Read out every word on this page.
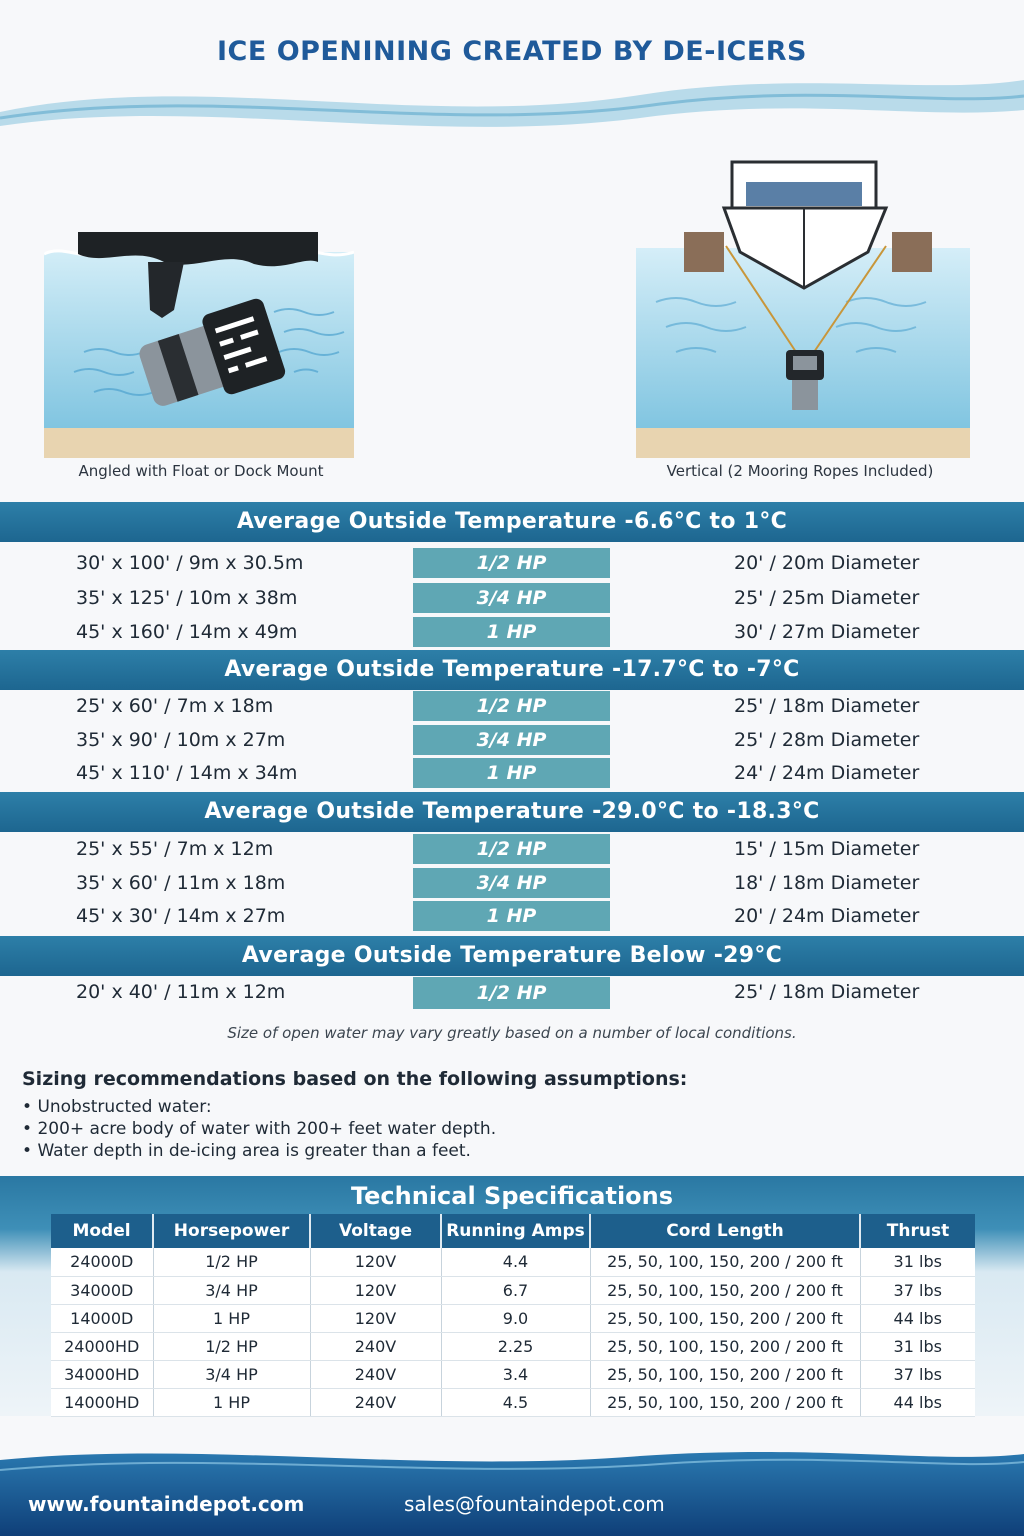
ICE OPENINING CREATED BY DE-ICERS
Angled with Float or Dock Mount	Vertical (2 Mooring Ropes Included)
Average Outside Temperature -6.6°C to 1°C
30' x 100' / 9m x 30.5m	1/2 HP	20' / 20m Diameter
35' x 125' / 10m x 38m	3/4 HP	25' / 25m Diameter
45' x 160' / 14m x 49m	1 HP	30' / 27m Diameter
Average Outside Temperature -17.7°C to -7°C
25' x 60' / 7m x 18m	1/2 HP	25' / 18m Diameter
35' x 90' / 10m x 27m	3/4 HP	25' / 28m Diameter
45' x 110' / 14m x 34m	1 HP	24' / 24m Diameter
Average Outside Temperature -29.0°C to -18.3°C
25' x 55' / 7m x 12m	1/2 HP	15' / 15m Diameter
35' x 60' / 11m x 18m	3/4 HP	18' / 18m Diameter
45' x 30' / 14m x 27m	1 HP	20' / 24m Diameter
Average Outside Temperature Below -29°C
20' x 40' / 11m x 12m	1/2 HP	25' / 18m Diameter
Size of open water may vary greatly based on a number of local conditions.
Sizing recommendations based on the following assumptions:
• Unobstructed water:
• 200+ acre body of water with 200+ feet water depth.
• Water depth in de-icing area is greater than a feet.
Technical Specifications
Model	Horsepower	Voltage	Running Amps	Cord Length	Thrust
24000D	1/2 HP	120V	4.4	25, 50, 100, 150, 200 / 200 ft	31 lbs
34000D	3/4 HP	120V	6.7	25, 50, 100, 150, 200 / 200 ft	37 lbs
14000D	1 HP	120V	9.0	25, 50, 100, 150, 200 / 200 ft	44 lbs
24000HD	1/2 HP	240V	2.25	25, 50, 100, 150, 200 / 200 ft	31 lbs
34000HD	3/4 HP	240V	3.4	25, 50, 100, 150, 200 / 200 ft	37 lbs
14000HD	1 HP	240V	4.5	25, 50, 100, 150, 200 / 200 ft	44 lbs
www.fountaindepot.com	sales@fountaindepot.com
